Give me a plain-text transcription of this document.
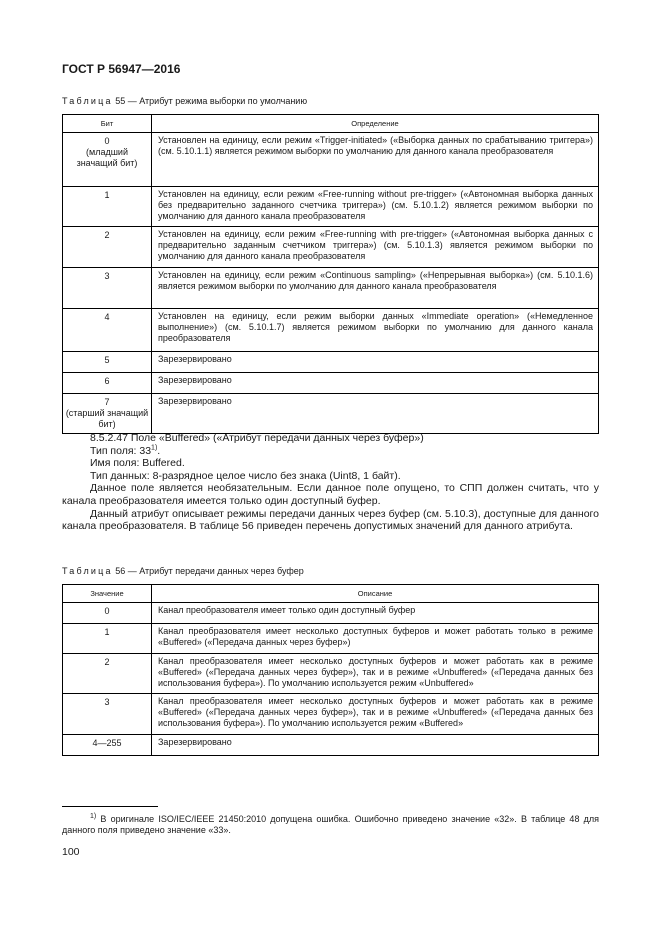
ГОСТ Р 56947—2016
Таблица 55 — Атрибут режима выборки по умолчанию
Бит	Определение
0
(младший значащий бит)	Установлен на единицу, если режим «Trigger-initiated» («Выборка данных по срабатыванию триггера») (см. 5.10.1.1) является режимом выборки по умолчанию для данного канала преобразователя
1	Установлен на единицу, если режим «Free-running without pre-trigger» («Автономная выборка данных без предварительно заданного счетчика триггера») (см. 5.10.1.2) является режимом выборки по умолчанию для данного канала преобразователя
2	Установлен на единицу, если режим «Free-running with pre-trigger» («Автономная выборка данных с предварительно заданным счетчиком триггера») (см. 5.10.1.3) является режимом выборки по умолчанию для данного канала преобразователя
3	Установлен на единицу, если режим «Continuous sampling» («Непрерывная выборка») (см. 5.10.1.6) является режимом выборки по умолчанию для данного канала преобразователя
4	Установлен на единицу, если режим выборки данных «Immediate operation» («Немедленное выполнение») (см. 5.10.1.7) является режимом выборки по умолчанию для данного канала преобразователя
5	Зарезервировано
6	Зарезервировано
7
(старший значащий бит)	Зарезервировано

8.5.2.47 Поле «Buffered» («Атрибут передачи данных через буфер»)

Тип поля: 33$^{1)}$.

Имя поля: Buffered.

Тип данных: 8-разрядное целое число без знака (Uint8, 1 байт).

Данное поле является необязательным. Если данное поле опущено, то СПП должен считать, что у канала преобразователя имеется только один доступный буфер.

Данный атрибут описывает режимы передачи данных через буфер (см. 5.10.3), доступные для данного канала преобразователя. В таблице 56 приведен перечень допустимых значений для данного атрибута.

Таблица 56 — Атрибут передачи данных через буфер
Значение	Описание
0	Канал преобразователя имеет только один доступный буфер
1	Канал преобразователя имеет несколько доступных буферов и может работать только в режиме «Buffered» («Передача данных через буфер»)
2	Канал преобразователя имеет несколько доступных буферов и может работать как в режиме «Buffered» («Передача данных через буфер»), так и в режиме «Unbuffered» («Передача данных без использования буфера»). По умолчанию используется режим «Unbuffered»
3	Канал преобразователя имеет несколько доступных буферов и может работать как в режиме «Buffered» («Передача данных через буфер»), так и в режиме «Unbuffered» («Передача данных без использования буфера»). По умолчанию используется режим «Buffered»
4—255	Зарезервировано
$^{1)}$ В оригинале ISO/IEC/IEEE 21450:2010 допущена ошибка. Ошибочно приведено значение «32». В таблице 48 для данного поля приведено значение «33».
100
